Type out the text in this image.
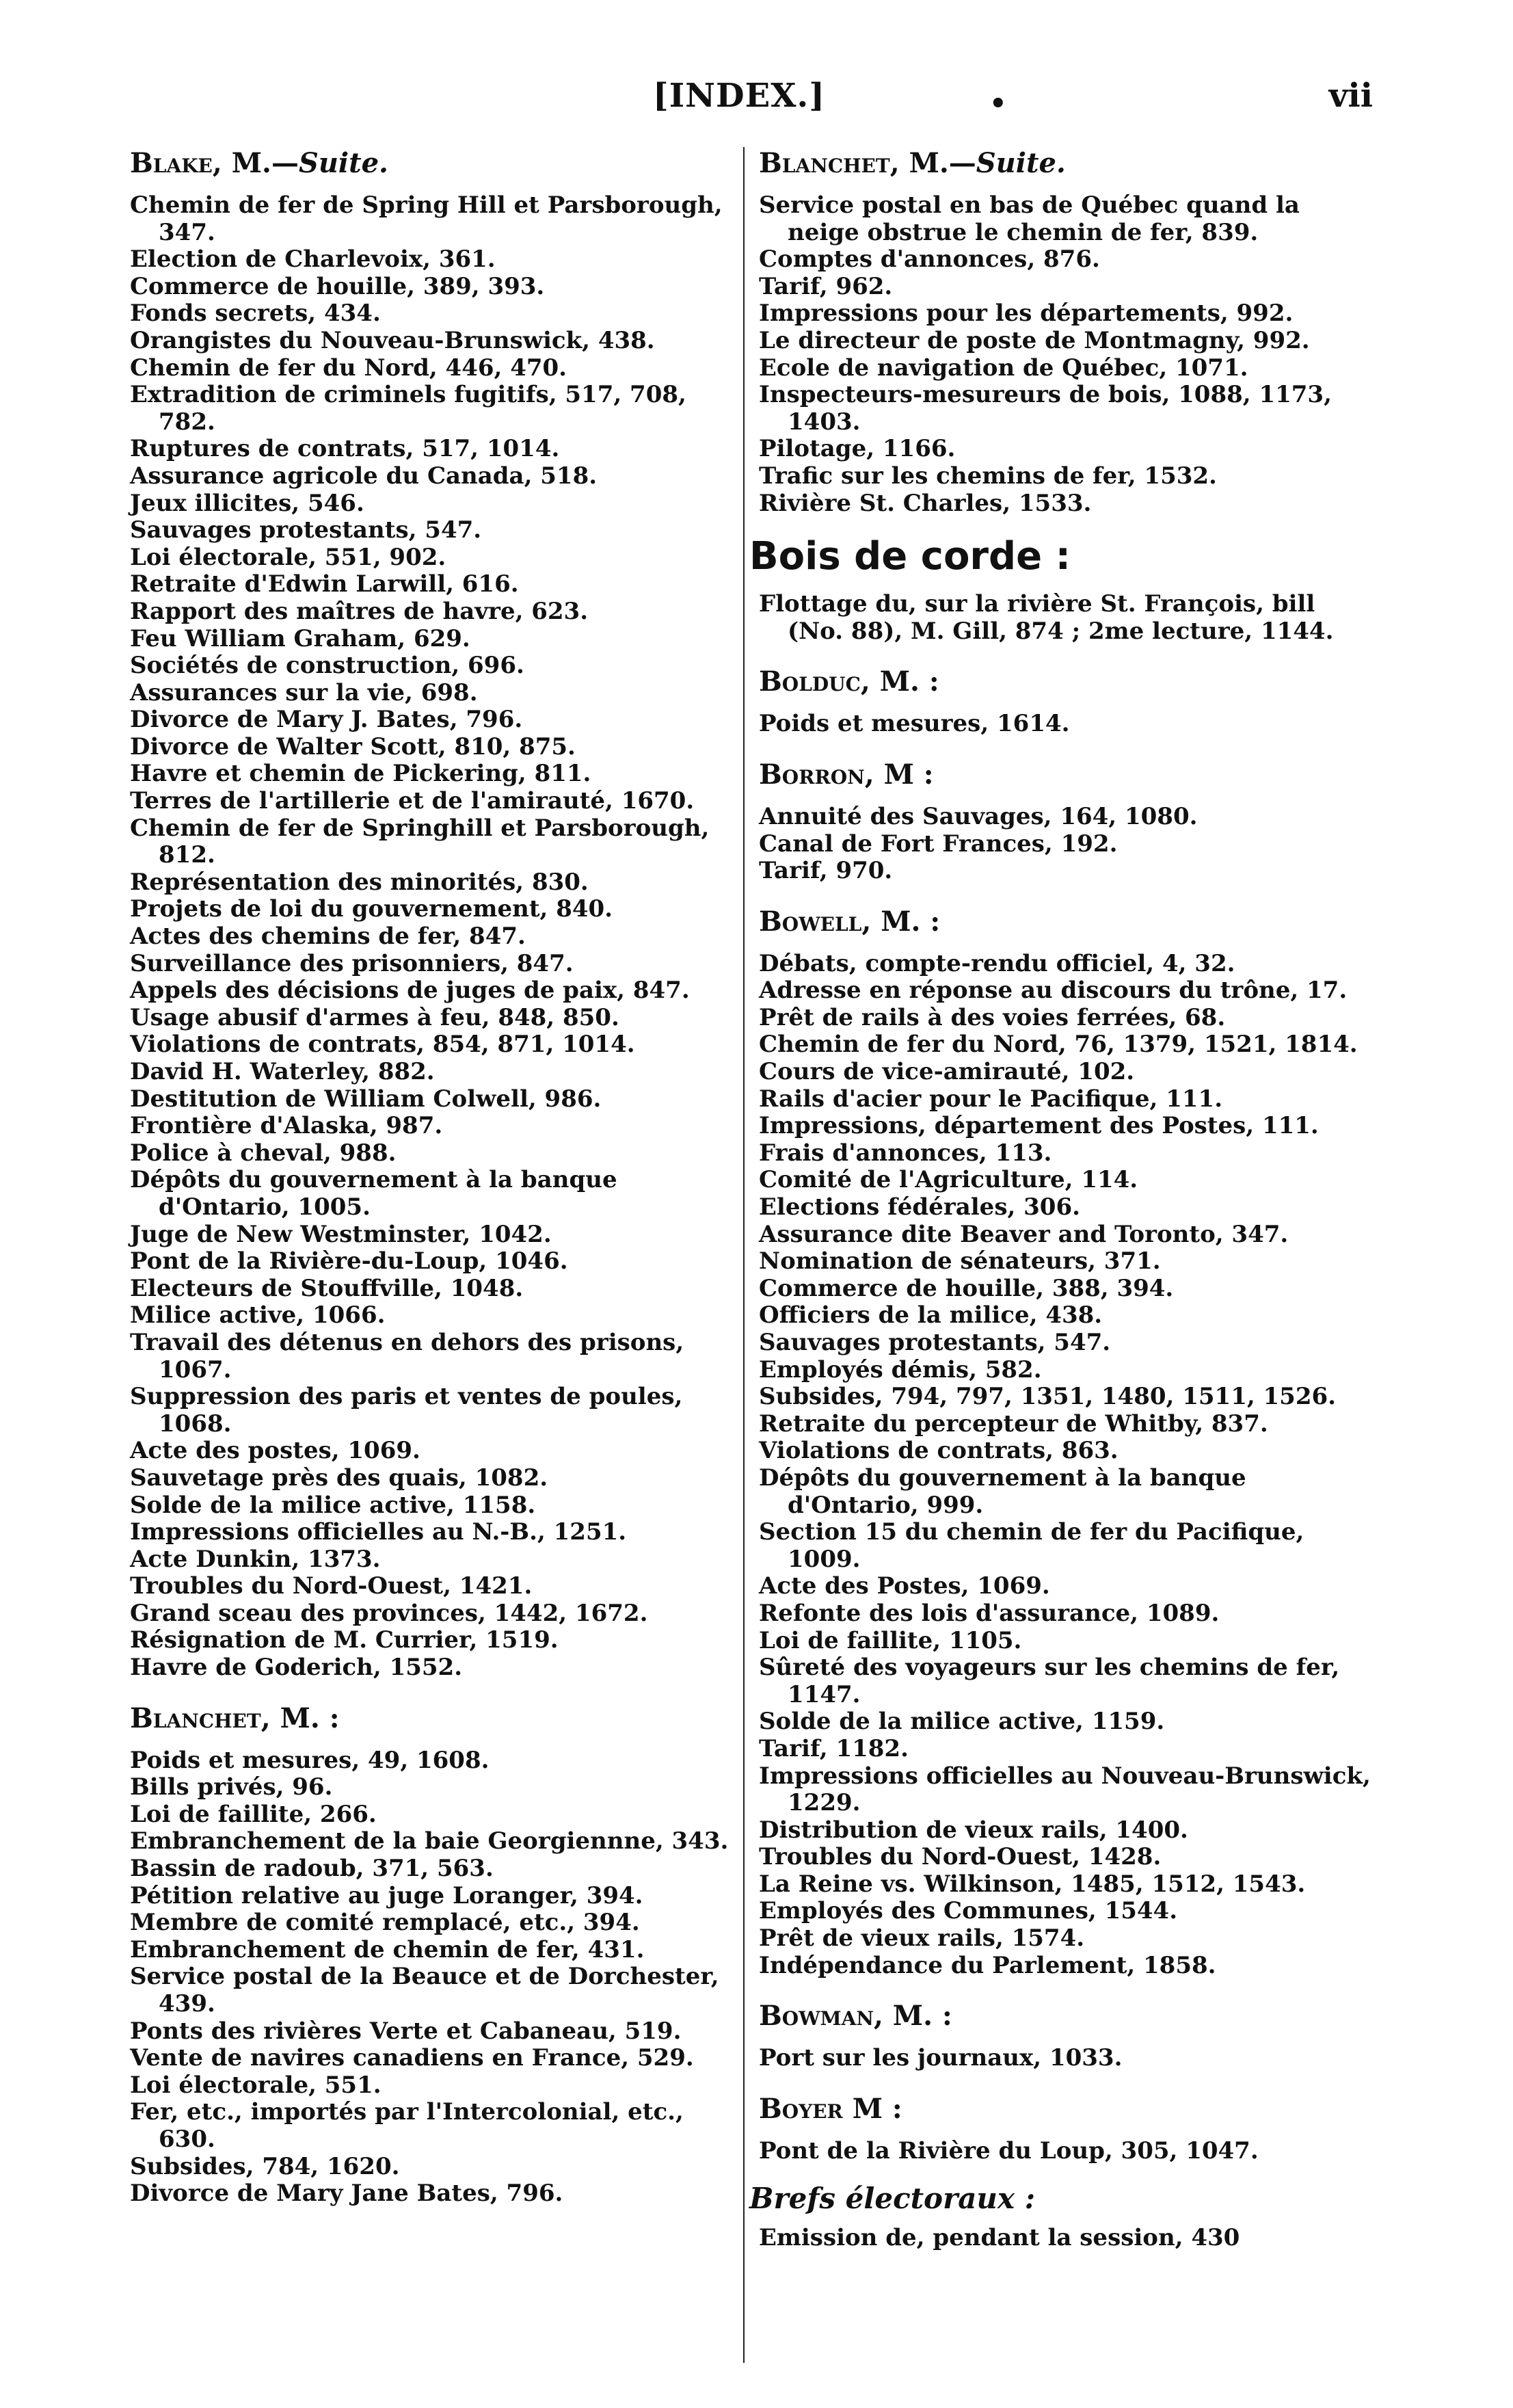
[INDEX.]	•	vii
Blake, M.—Suite.
Chemin de fer de Spring Hill et Parsborough, 347.
Election de Charlevoix, 361.
Commerce de houille, 389, 393.
Fonds secrets, 434.
Orangistes du Nouveau-Brunswick, 438.
Chemin de fer du Nord, 446, 470.
Extradition de criminels fugitifs, 517, 708, 782.
Ruptures de contrats, 517, 1014.
Assurance agricole du Canada, 518.
Jeux illicites, 546.
Sauvages protestants, 547.
Loi électorale, 551, 902.
Retraite d'Edwin Larwill, 616.
Rapport des maîtres de havre, 623.
Feu William Graham, 629.
Sociétés de construction, 696.
Assurances sur la vie, 698.
Divorce de Mary J. Bates, 796.
Divorce de Walter Scott, 810, 875.
Havre et chemin de Pickering, 811.
Terres de l'artillerie et de l'amirauté, 1670.
Chemin de fer de Springhill et Parsborough, 812.
Représentation des minorités, 830.
Projets de loi du gouvernement, 840.
Actes des chemins de fer, 847.
Surveillance des prisonniers, 847.
Appels des décisions de juges de paix, 847.
Usage abusif d'armes à feu, 848, 850.
Violations de contrats, 854, 871, 1014.
David H. Waterley, 882.
Destitution de William Colwell, 986.
Frontière d'Alaska, 987.
Police à cheval, 988.
Dépôts du gouvernement à la banque d'Ontario, 1005.
Juge de New Westminster, 1042.
Pont de la Rivière-du-Loup, 1046.
Electeurs de Stouffville, 1048.
Milice active, 1066.
Travail des détenus en dehors des prisons, 1067.
Suppression des paris et ventes de poules, 1068.
Acte des postes, 1069.
Sauvetage près des quais, 1082.
Solde de la milice active, 1158.
Impressions officielles au N.-B., 1251.
Acte Dunkin, 1373.
Troubles du Nord-Ouest, 1421.
Grand sceau des provinces, 1442, 1672.
Résignation de M. Currier, 1519.
Havre de Goderich, 1552.
Blanchet, M. :
Poids et mesures, 49, 1608.
Bills privés, 96.
Loi de faillite, 266.
Embranchement de la baie Georgiennne, 343.
Bassin de radoub, 371, 563.
Pétition relative au juge Loranger, 394.
Membre de comité remplacé, etc., 394.
Embranchement de chemin de fer, 431.
Service postal de la Beauce et de Dorchester, 439.
Ponts des rivières Verte et Cabaneau, 519.
Vente de navires canadiens en France, 529.
Loi électorale, 551.
Fer, etc., importés par l'Intercolonial, etc., 630.
Subsides, 784, 1620.
Divorce de Mary Jane Bates, 796.
Blanchet, M.—Suite.
Service postal en bas de Québec quand la neige obstrue le chemin de fer, 839.
Comptes d'annonces, 876.
Tarif, 962.
Impressions pour les départements, 992.
Le directeur de poste de Montmagny, 992.
Ecole de navigation de Québec, 1071.
Inspecteurs-mesureurs de bois, 1088, 1173, 1403.
Pilotage, 1166.
Trafic sur les chemins de fer, 1532.
Rivière St. Charles, 1533.
Bois de corde :
Flottage du, sur la rivière St. François, bill (No. 88), M. Gill, 874 ; 2me lecture, 1144.
Bolduc, M. :
Poids et mesures, 1614.
Borron, M :
Annuité des Sauvages, 164, 1080.
Canal de Fort Frances, 192.
Tarif, 970.
Bowell, M. :
Débats, compte-rendu officiel, 4, 32.
Adresse en réponse au discours du trône, 17.
Prêt de rails à des voies ferrées, 68.
Chemin de fer du Nord, 76, 1379, 1521, 1814.
Cours de vice-amirauté, 102.
Rails d'acier pour le Pacifique, 111.
Impressions, département des Postes, 111.
Frais d'annonces, 113.
Comité de l'Agriculture, 114.
Elections fédérales, 306.
Assurance dite Beaver and Toronto, 347.
Nomination de sénateurs, 371.
Commerce de houille, 388, 394.
Officiers de la milice, 438.
Sauvages protestants, 547.
Employés démis, 582.
Subsides, 794, 797, 1351, 1480, 1511, 1526.
Retraite du percepteur de Whitby, 837.
Violations de contrats, 863.
Dépôts du gouvernement à la banque d'Ontario, 999.
Section 15 du chemin de fer du Pacifique, 1009.
Acte des Postes, 1069.
Refonte des lois d'assurance, 1089.
Loi de faillite, 1105.
Sûreté des voyageurs sur les chemins de fer, 1147.
Solde de la milice active, 1159.
Tarif, 1182.
Impressions officielles au Nouveau-Brunswick, 1229.
Distribution de vieux rails, 1400.
Troubles du Nord-Ouest, 1428.
La Reine vs. Wilkinson, 1485, 1512, 1543.
Employés des Communes, 1544.
Prêt de vieux rails, 1574.
Indépendance du Parlement, 1858.
Bowman, M. :
Port sur les journaux, 1033.
Boyer M :
Pont de la Rivière du Loup, 305, 1047.
Brefs électoraux :
Emission de, pendant la session, 430
